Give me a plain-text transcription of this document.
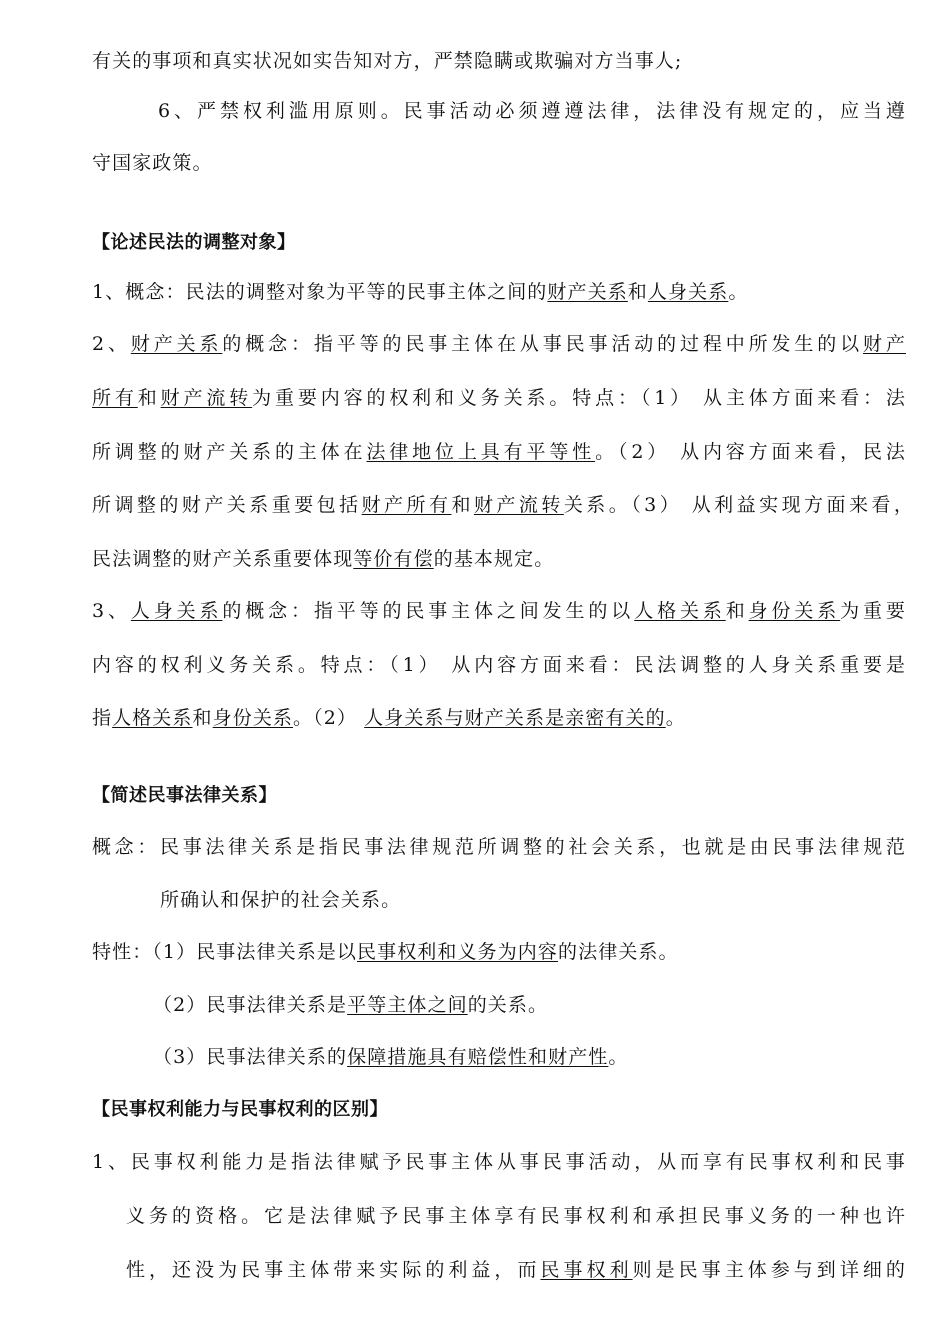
有关的事项和真实状况如实告知对方，严禁隐瞒或欺骗对方当事人;
6、严禁权利滥用原则。民事活动必须遵遵法律，法律没有规定的，应当遵
守国家政策。
【论述民法的调整对象】
1、概念：民法的调整对象为平等的民事主体之间的财产关系和人身关系。
2、财产关系的概念：指平等的民事主体在从事民事活动的过程中所发生的以财产
所有和财产流转为重要内容的权利和义务关系。特点：（1） 从主体方面来看：法
所调整的财产关系的主体在法律地位上具有平等性。（2） 从内容方面来看，民法
所调整的财产关系重要包括财产所有和财产流转关系。（3） 从利益实现方面来看，
民法调整的财产关系重要体现等价有偿的基本规定。
3、人身关系的概念：指平等的民事主体之间发生的以人格关系和身份关系为重要
内容的权利义务关系。特点：（1） 从内容方面来看：民法调整的人身关系重要是
指人格关系和身份关系。（2） 人身关系与财产关系是亲密有关的。
【简述民事法律关系】
概念：民事法律关系是指民事法律规范所调整的社会关系，也就是由民事法律规范
所确认和保护的社会关系。
特性：（1）民事法律关系是以民事权利和义务为内容的法律关系。
（2）民事法律关系是平等主体之间的关系。
（3）民事法律关系的保障措施具有赔偿性和财产性。
【民事权利能力与民事权利的区别】
1、民事权利能力是指法律赋予民事主体从事民事活动，从而享有民事权利和民事
义务的资格。它是法律赋予民事主体享有民事权利和承担民事义务的一种也许
性，还没为民事主体带来实际的利益，而民事权利则是民事主体参与到详细的
